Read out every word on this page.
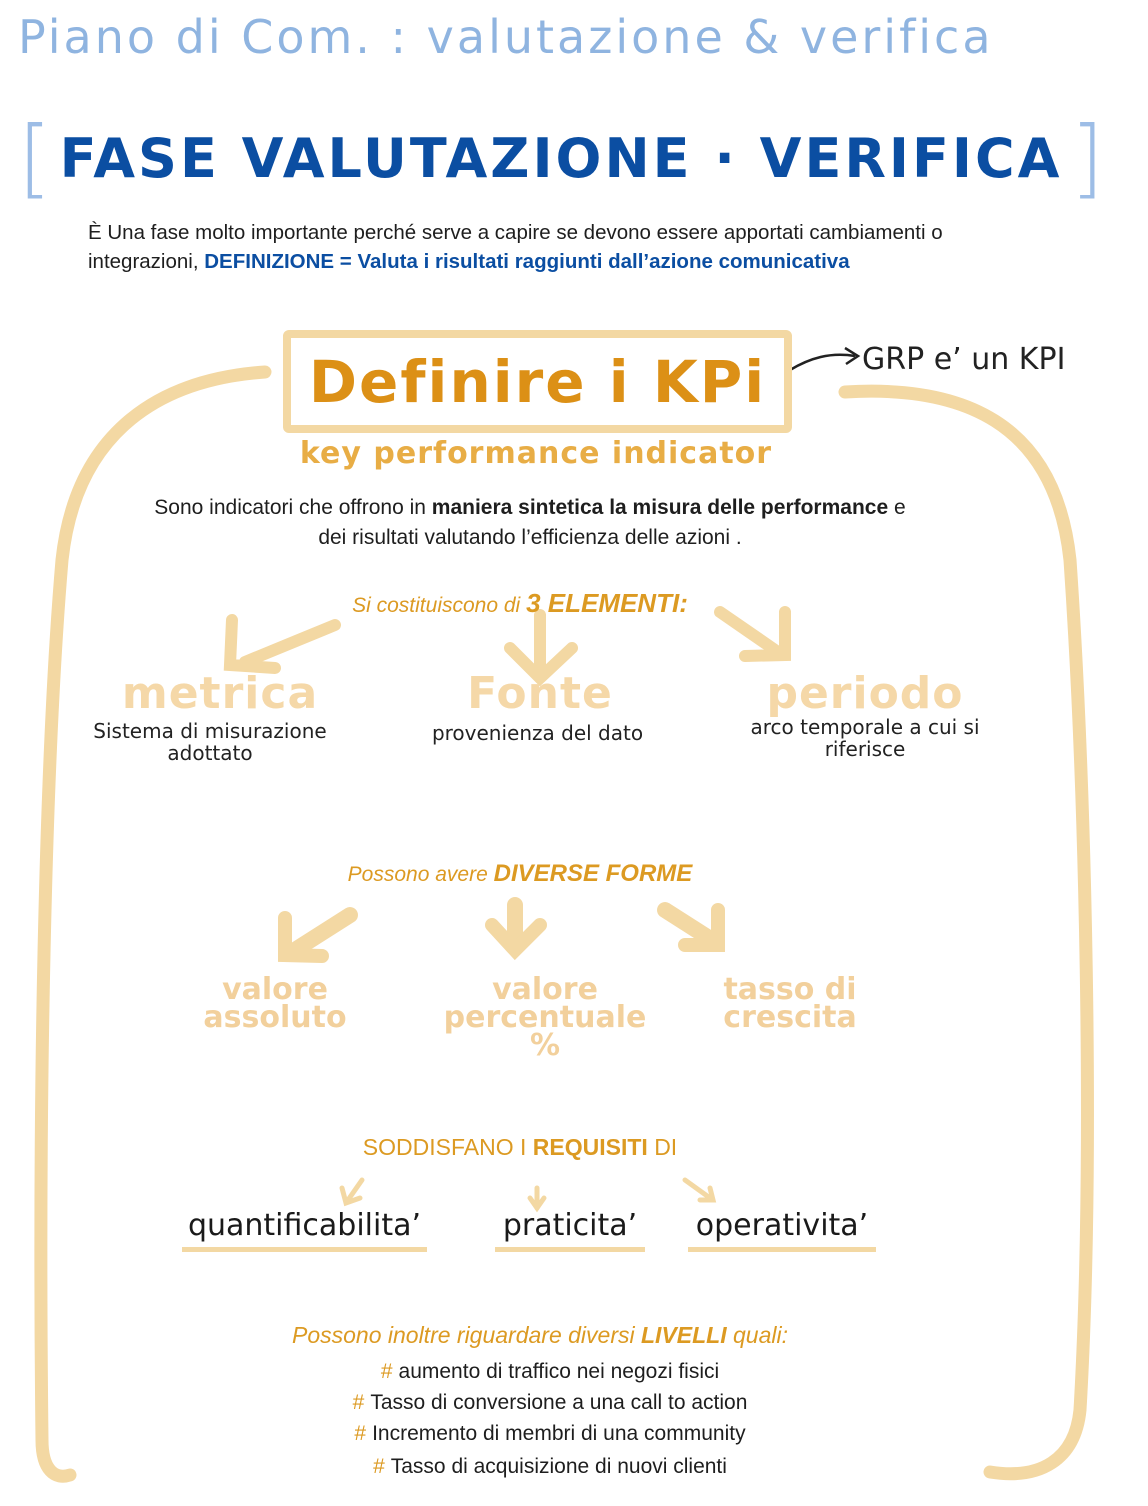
Piano di Com. : valutazione & verifica
[ FASE VALUTAZIONE · VERIFICA ]
È Una fase molto importante perché serve a capire se devono essere apportati cambiamenti o integrazioni, DEFINIZIONE = Valuta i risultati raggiunti dall’azione comunicativa
Definire i KPi
key performance indicator
GRP e’ un KPI
Sono indicatori che offrono in maniera sintetica la misura delle performance e dei risultati valutando l’efficienza delle azioni .
Si costituiscono di 3 ELEMENTI:
metrica
Sistema di misurazione adottato
Fonte
provenienza del dato
periodo
arco temporale a cui si riferisce
Possono avere DIVERSE FORME
valore
assoluto
valore
percentuale
%
tasso di
crescita
SODDISFANO I REQUISITI DI
quantificabilita’	praticita’ operativita’
Possono inoltre riguardare diversi LIVELLI quali:
# aumento di traffico nei negozi fisici
# Tasso di conversione a una call to action
# Incremento di membri di una community
# Tasso di acquisizione di nuovi clienti
